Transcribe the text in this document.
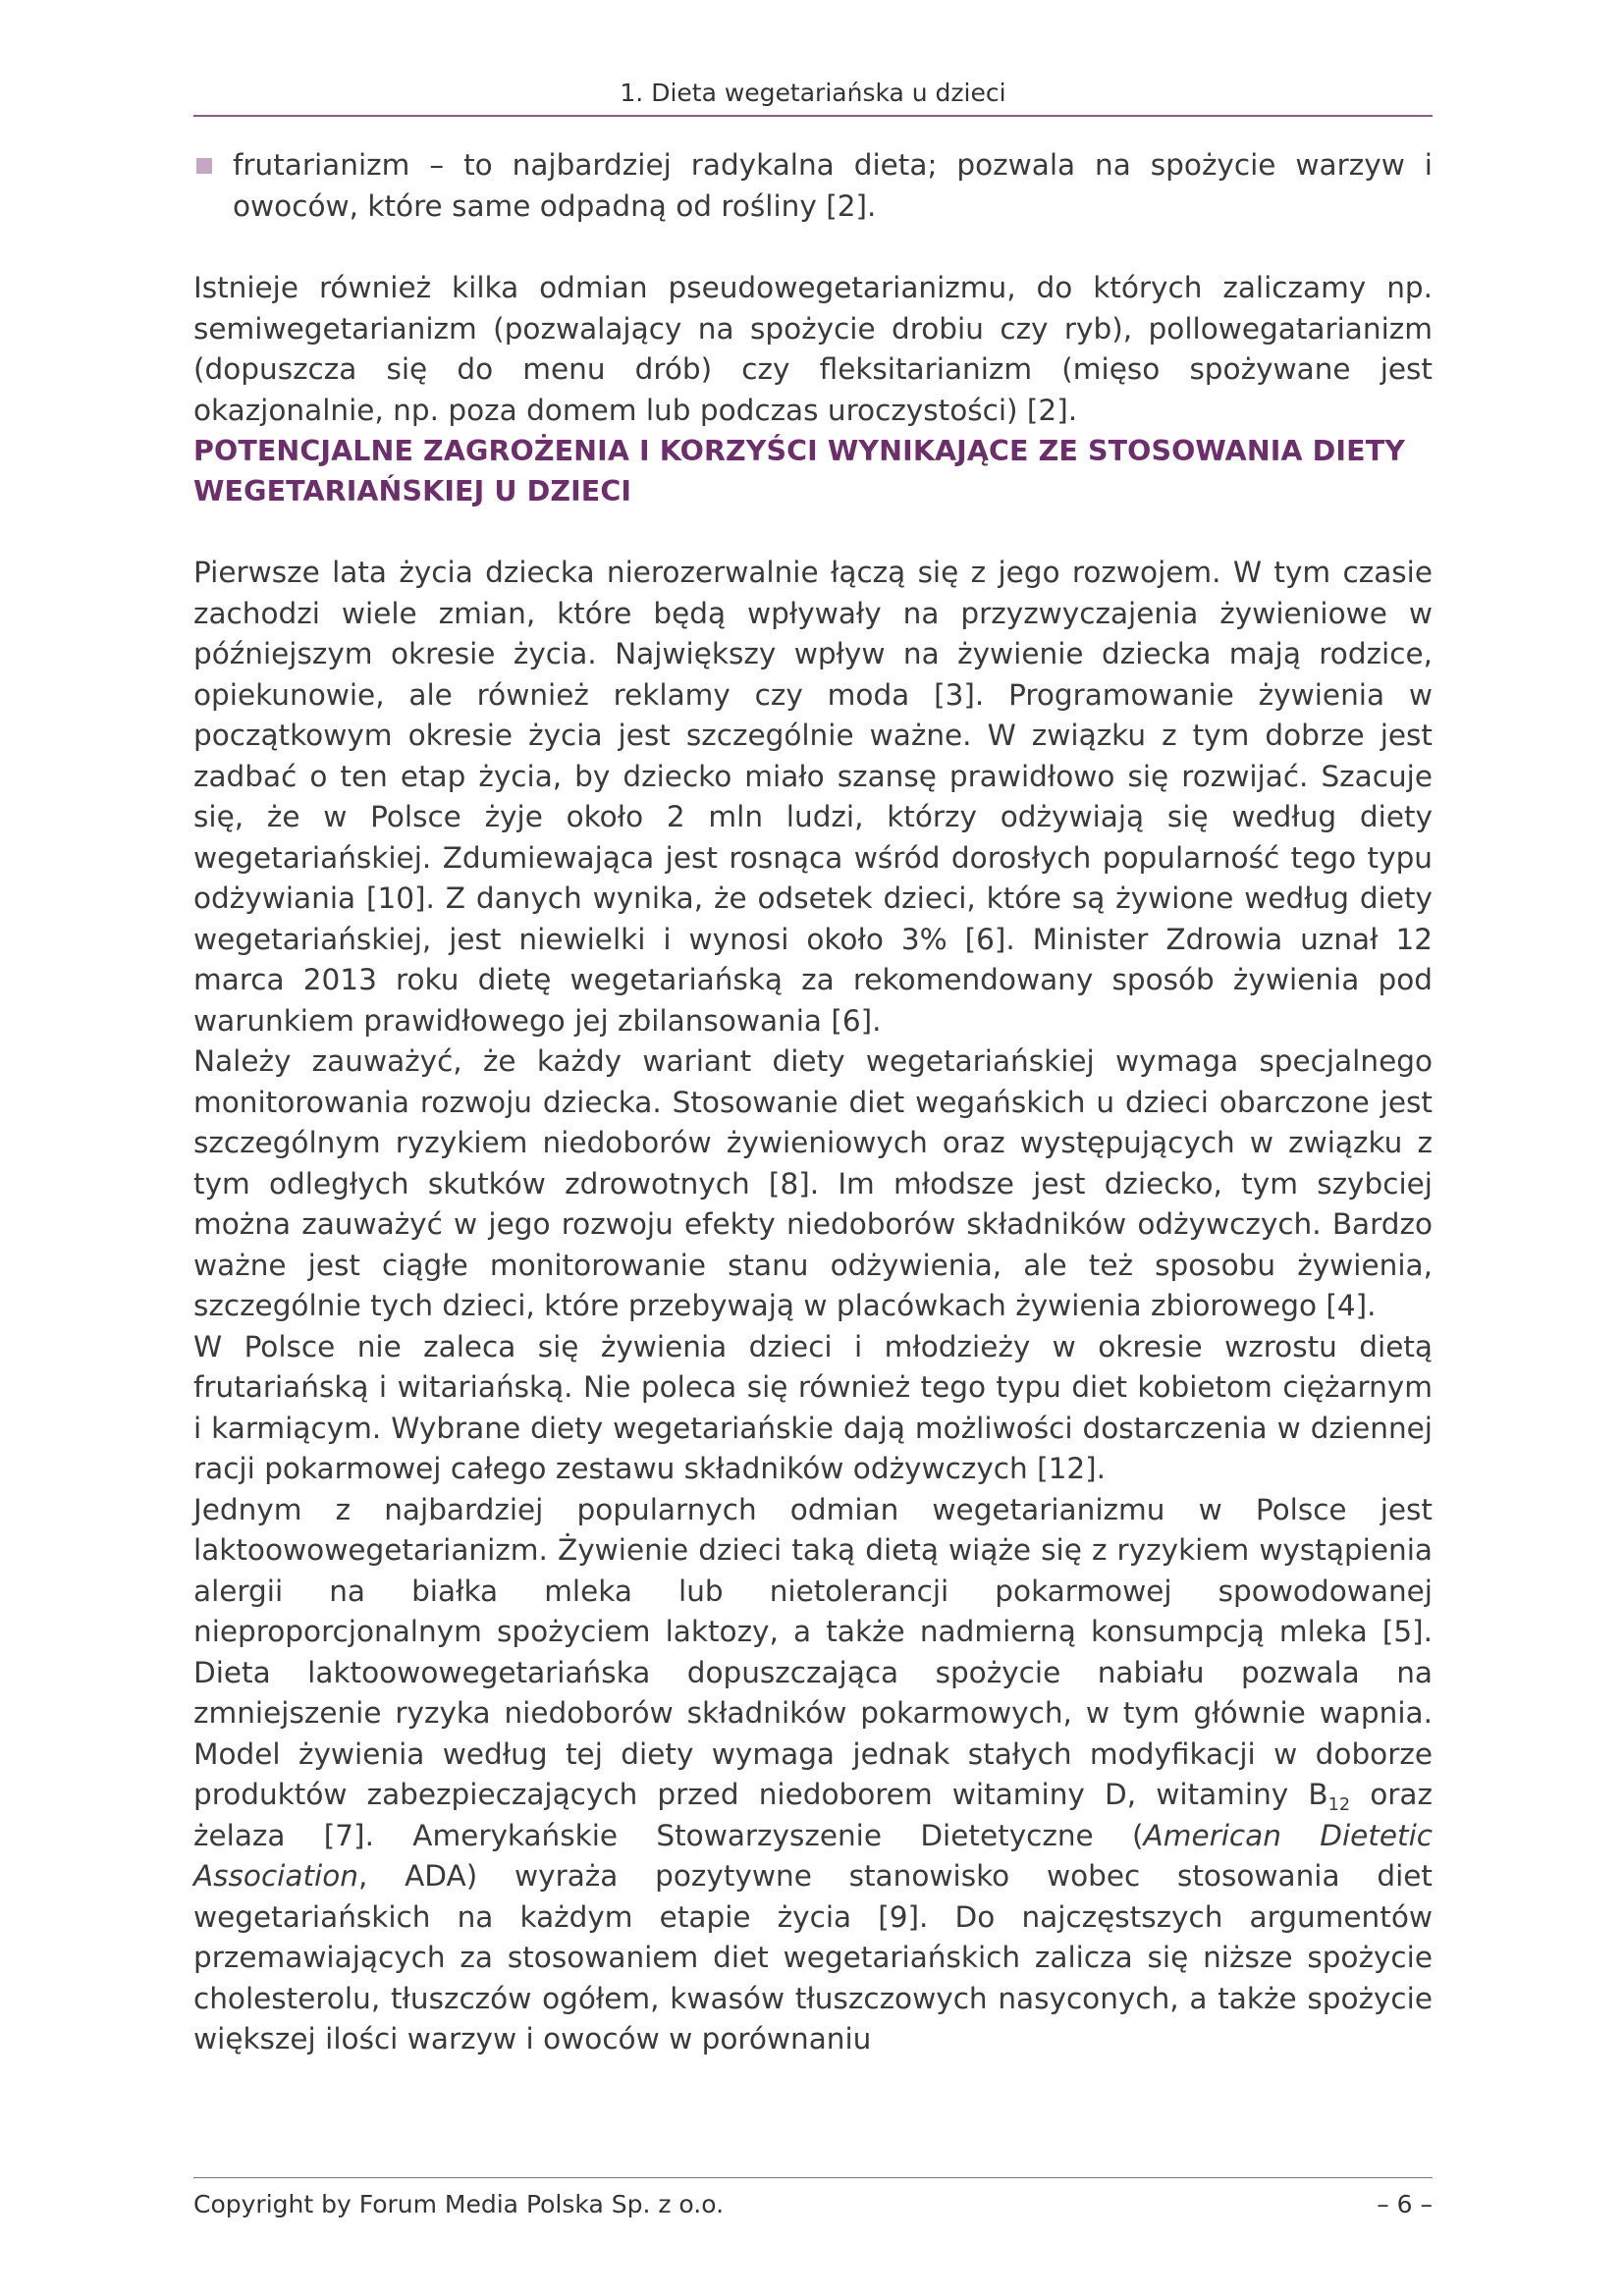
1. Dieta wegetariańska u dzieci

frutarianizm – to najbardziej radykalna dieta; pozwala na spożycie warzyw i owoców, które same odpadną od rośliny [2].

Istnieje również kilka odmian pseudowegetarianizmu, do których zaliczamy np. semiwegetarianizm (pozwalający na spożycie drobiu czy ryb), pollowegatarianizm (dopuszcza się do menu drób) czy fleksitarianizm (mięso spożywane jest okazjonalnie, np. poza domem lub podczas uroczystości) [2].

POTENCJALNE ZAGROŻENIA I KORZYŚCI WYNIKAJĄCE ZE STOSOWANIA DIETY WEGETARIAŃSKIEJ U DZIECI

Pierwsze lata życia dziecka nierozerwalnie łączą się z jego rozwojem. W tym czasie zachodzi wiele zmian, które będą wpływały na przyzwyczajenia żywieniowe w późniejszym okresie życia. Największy wpływ na żywienie dziecka mają rodzice, opiekunowie, ale również reklamy czy moda [3]. Programowanie żywienia w początkowym okresie życia jest szczególnie ważne. W związku z tym dobrze jest zadbać o ten etap życia, by dziecko miało szansę prawidłowo się rozwijać. Szacuje się, że w Polsce żyje około 2 mln ludzi, którzy odżywiają się według diety wegetariańskiej. Zdumiewająca jest rosnąca wśród dorosłych popularność tego typu odżywiania [10]. Z danych wynika, że odsetek dzieci, które są żywione według diety wegetariańskiej, jest niewielki i wynosi około 3% [6]. Minister Zdrowia uznał 12 marca 2013 roku dietę wegetariańską za rekomendowany sposób żywienia pod warunkiem prawidłowego jej zbilansowania [6].

Należy zauważyć, że każdy wariant diety wegetariańskiej wymaga specjalnego monitorowania rozwoju dziecka. Stosowanie diet wegańskich u dzieci obarczone jest szczególnym ryzykiem niedoborów żywieniowych oraz występujących w związku z tym odległych skutków zdrowotnych [8]. Im młodsze jest dziecko, tym szybciej można zauważyć w jego rozwoju efekty niedoborów składników odżywczych. Bardzo ważne jest ciągłe monitorowanie stanu odżywienia, ale też sposobu żywienia, szczególnie tych dzieci, które przebywają w placówkach żywienia zbiorowego [4].

W Polsce nie zaleca się żywienia dzieci i młodzieży w okresie wzrostu dietą frutariańską i witariańską. Nie poleca się również tego typu diet kobietom ciężarnym i karmiącym. Wybrane diety wegetariańskie dają możliwości dostarczenia w dziennej racji pokarmowej całego zestawu składników odżywczych [12].

Jednym z najbardziej popularnych odmian wegetarianizmu w Polsce jest laktoowowegetarianizm. Żywienie dzieci taką dietą wiąże się z ryzykiem wystąpienia alergii na białka mleka lub nietolerancji pokarmowej spowodowanej nieproporcjonalnym spożyciem laktozy, a także nadmierną konsumpcją mleka [5]. Dieta laktoowowegetariańska dopuszczająca spożycie nabiału pozwala na zmniejszenie ryzyka niedoborów składników pokarmowych, w tym głównie wapnia. Model żywienia według tej diety wymaga jednak stałych modyfikacji w doborze produktów zabezpieczających przed niedoborem witaminy D, witaminy $B_{12}$ oraz żelaza [7]. Amerykańskie Stowarzyszenie Dietetyczne (American Dietetic Association, ADA) wyraża pozytywne stanowisko wobec stosowania diet wegetariańskich na każdym etapie życia [9]. Do najczęstszych argumentów przemawiających za stosowaniem diet wegetariańskich zalicza się niższe spożycie cholesterolu, tłuszczów ogółem, kwasów tłuszczowych nasyconych, a także spożycie większej ilości warzyw i owoców w porównaniu

Copyright by Forum Media Polska Sp. z o.o.	– 6 –
